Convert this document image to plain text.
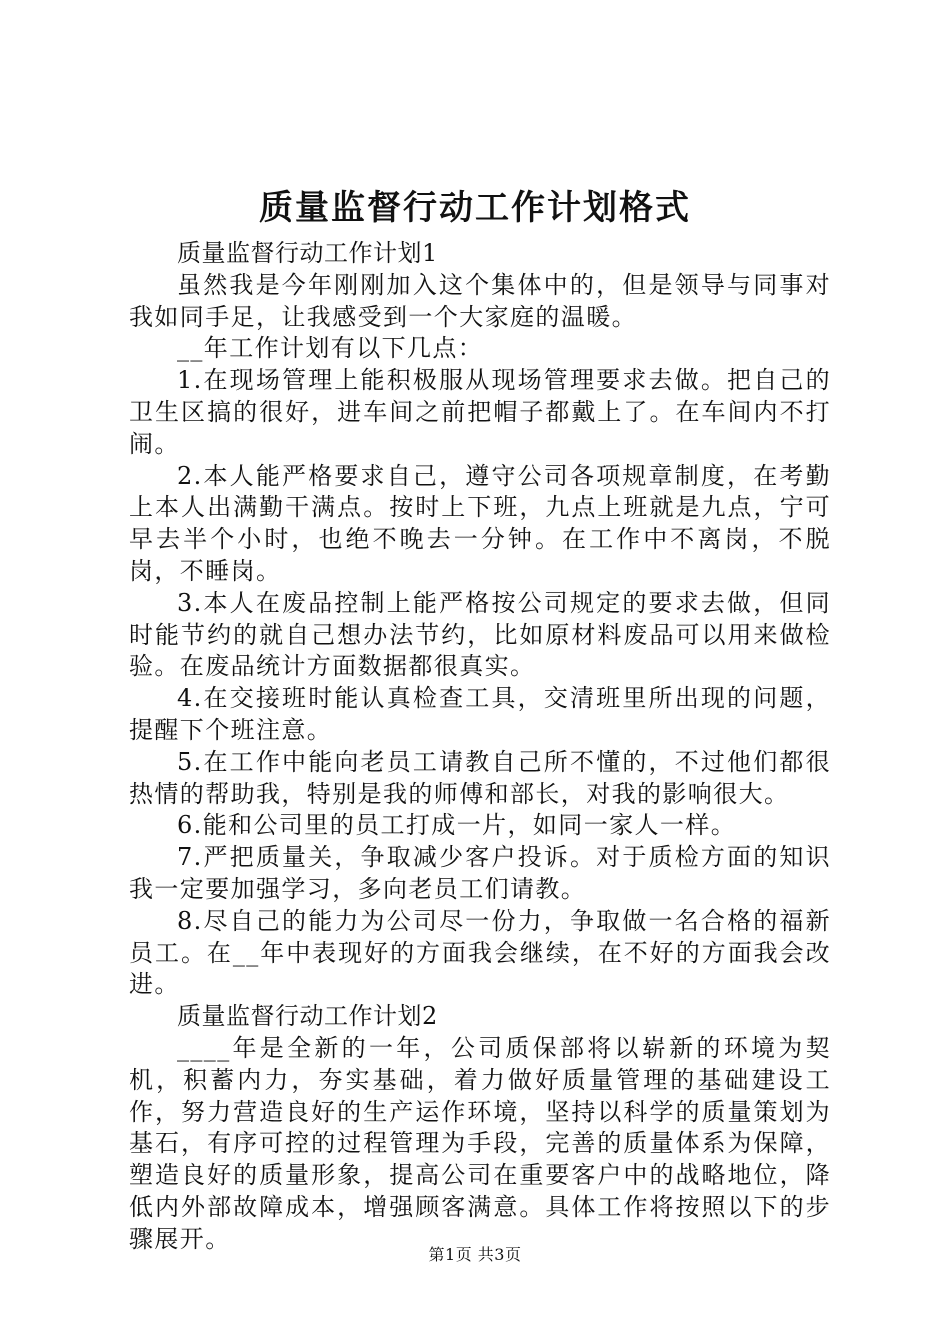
质量监督行动工作计划格式

质量监督行动工作计划1

虽然我是今年刚刚加入这个集体中的，但是领导与同事对我如同手足，让我感受到一个大家庭的温暖。

__年工作计划有以下几点：

1.在现场管理上能积极服从现场管理要求去做。把自己的卫生区搞的很好，进车间之前把帽子都戴上了。在车间内不打闹。

2.本人能严格要求自己，遵守公司各项规章制度，在考勤上本人出满勤干满点。按时上下班，九点上班就是九点，宁可早去半个小时，也绝不晚去一分钟。在工作中不离岗，不脱岗，不睡岗。

3.本人在废品控制上能严格按公司规定的要求去做，但同时能节约的就自己想办法节约，比如原材料废品可以用来做检验。在废品统计方面数据都很真实。

4.在交接班时能认真检查工具，交清班里所出现的问题，提醒下个班注意。

5.在工作中能向老员工请教自己所不懂的，不过他们都很热情的帮助我，特别是我的师傅和部长，对我的影响很大。

6.能和公司里的员工打成一片，如同一家人一样。

7.严把质量关，争取减少客户投诉。对于质检方面的知识我一定要加强学习，多向老员工们请教。

8.尽自己的能力为公司尽一份力，争取做一名合格的福新员工。在__年中表现好的方面我会继续，在不好的方面我会改进。

质量监督行动工作计划2

____年是全新的一年，公司质保部将以崭新的环境为契机，积蓄内力，夯实基础，着力做好质量管理的基础建设工作，努力营造良好的生产运作环境，坚持以科学的质量策划为基石，有序可控的过程管理为手段，完善的质量体系为保障，塑造良好的质量形象，提高公司在重要客户中的战略地位，降低内外部故障成本，增强顾客满意。具体工作将按照以下的步骤展开。

第1页 共3页
